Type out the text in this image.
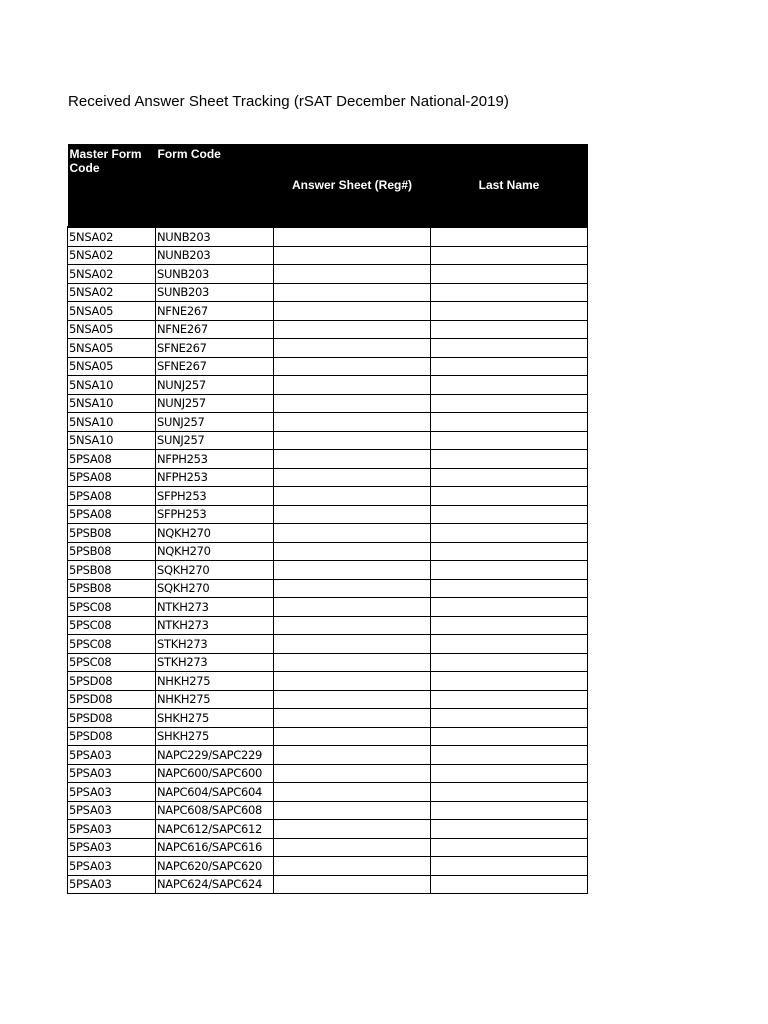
Received Answer Sheet Tracking (rSAT December National-2019)
Master Form Code	Form Code	Answer Sheet (Reg#)	Last Name
5NSA02	NUNB203		
5NSA02	NUNB203		
5NSA02	SUNB203		
5NSA02	SUNB203		
5NSA05	NFNE267		
5NSA05	NFNE267		
5NSA05	SFNE267		
5NSA05	SFNE267		
5NSA10	NUNJ257		
5NSA10	NUNJ257		
5NSA10	SUNJ257		
5NSA10	SUNJ257		
5PSA08	NFPH253		
5PSA08	NFPH253		
5PSA08	SFPH253		
5PSA08	SFPH253		
5PSB08	NQKH270		
5PSB08	NQKH270		
5PSB08	SQKH270		
5PSB08	SQKH270		
5PSC08	NTKH273		
5PSC08	NTKH273		
5PSC08	STKH273		
5PSC08	STKH273		
5PSD08	NHKH275		
5PSD08	NHKH275		
5PSD08	SHKH275		
5PSD08	SHKH275		
5PSA03	NAPC229/SAPC229		
5PSA03	NAPC600/SAPC600		
5PSA03	NAPC604/SAPC604		
5PSA03	NAPC608/SAPC608		
5PSA03	NAPC612/SAPC612		
5PSA03	NAPC616/SAPC616		
5PSA03	NAPC620/SAPC620		
5PSA03	NAPC624/SAPC624		
